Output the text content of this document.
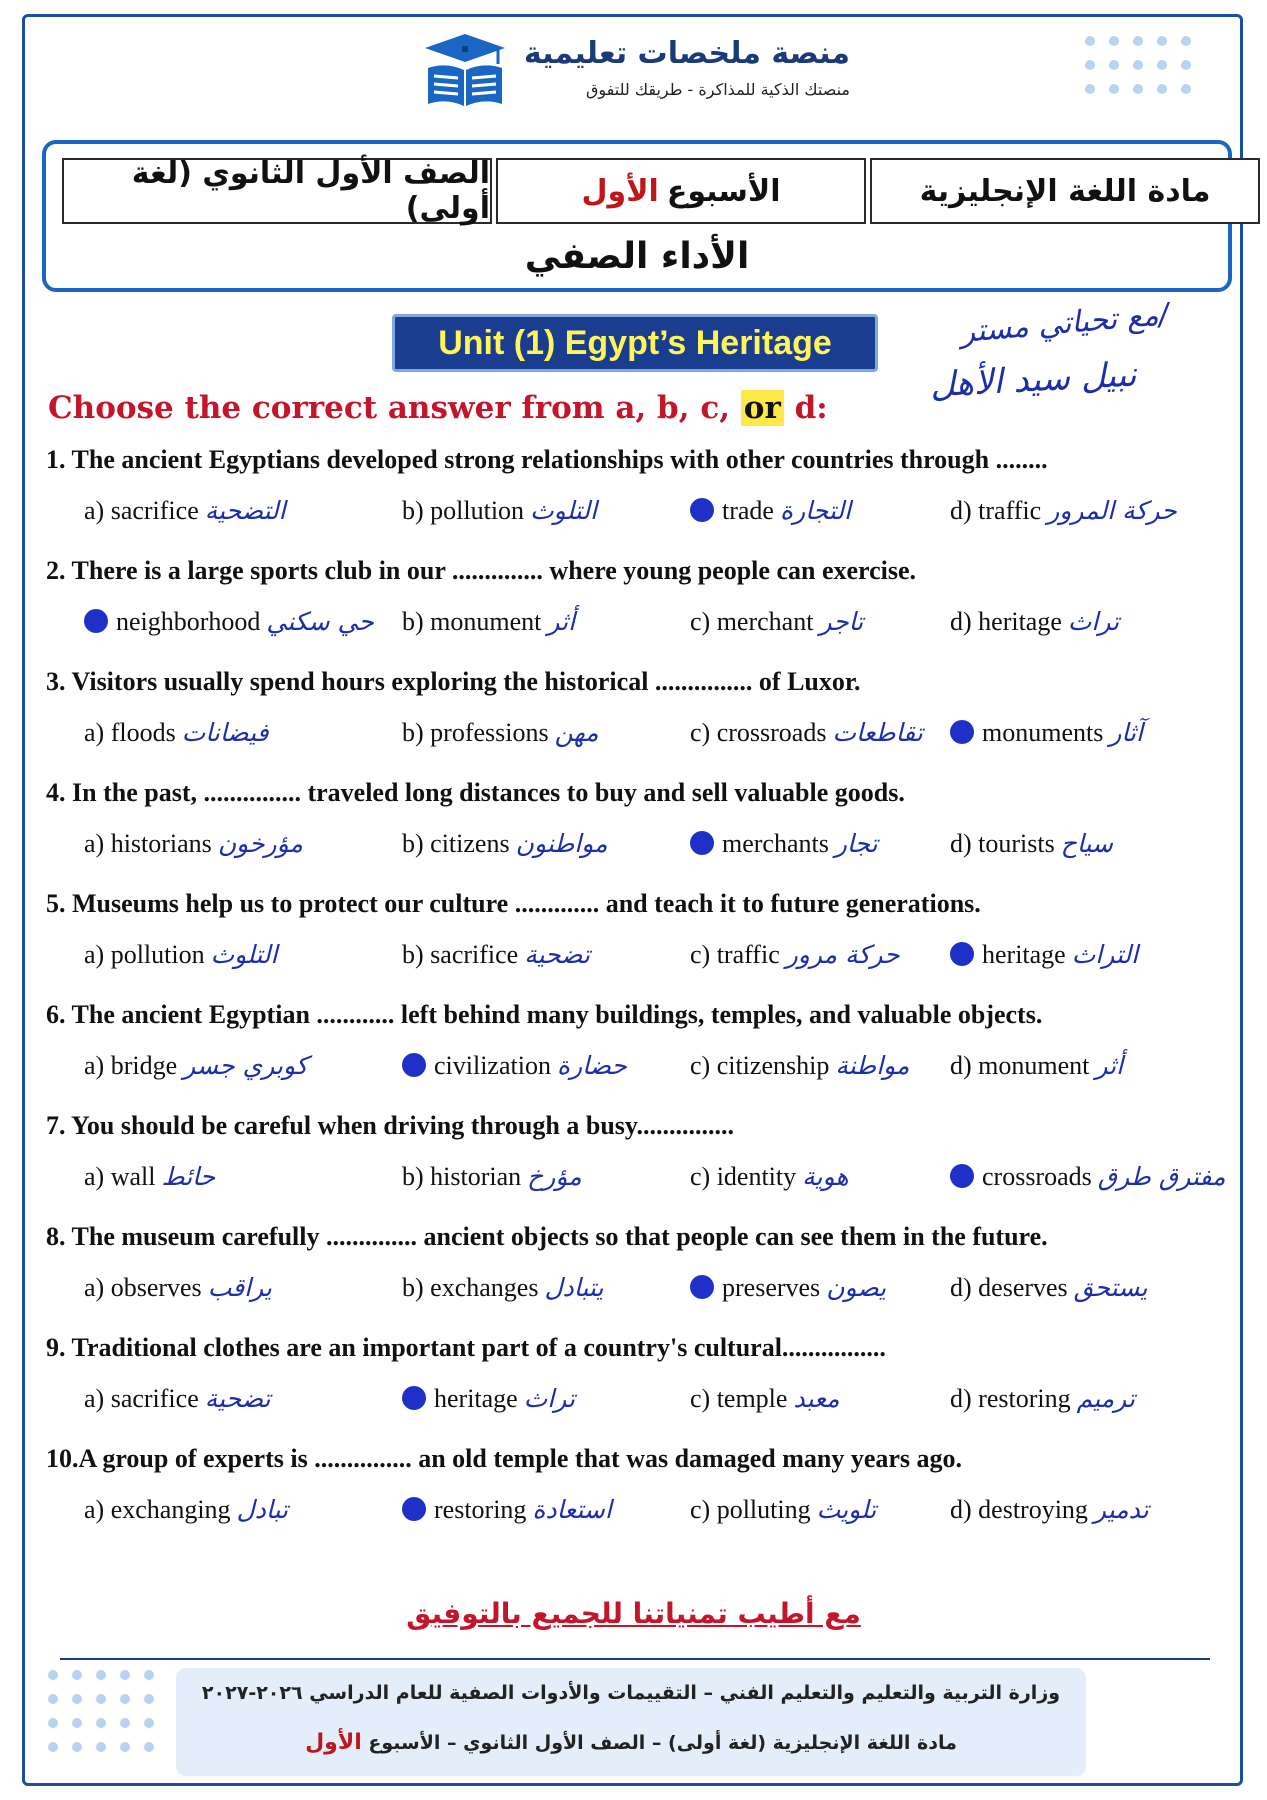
منصة ملخصات تعليمية
منصتك الذكية للمذاكرة - طريقك للتفوق
الصف الأول الثانوي (لغة أولى)	الأسبوع
الأول	مادة اللغة الإنجليزية
الأداء الصفي
Unit (1) Egypt’s Heritage	مع تحياتي مستر/
نبيل سيد الأهل
Choose the correct answer from a, b, c, or d:
1. The ancient Egyptians developed strong relationships with other countries through ........
a) sacrifice التضحية	b) pollution التلوث	trade التجارة	d) traffic حركة المرور
2. There is a large sports club in our .............. where young people can exercise.
neighborhood حي سكني b) monument أثر	c) merchant تاجر	d) heritage تراث
3. Visitors usually spend hours exploring the historical ............... of Luxor.
a) floods فيضانات	b) professions مهن	c) crossroads تقاطعات	monuments آثار
4. In the past, ............... traveled long distances to buy and sell valuable goods.
a) historians مؤرخون	b) citizens مواطنون	merchants تجار	d) tourists سياح
5. Museums help us to protect our culture ............. and teach it to future generations.
a) pollution التلوث	b) sacrifice تضحية	c) traffic حركة مرور	heritage التراث
6. The ancient Egyptian ............ left behind many buildings, temples, and valuable objects.
a) bridge كوبري جسر	civilization حضارة c) citizenship مواطنة d) monument أثر
7. You should be careful when driving through a busy...............
a) wall حائط	b) historian مؤرخ	c) identity هوية	crossroads مفترق طرق
8. The museum carefully .............. ancient objects so that people can see them in the future.
a) observes يراقب	b) exchanges يتبادل	preserves يصون d) deserves يستحق
9. Traditional clothes are an important part of a country's cultural................
a) sacrifice تضحية	heritage تراث	c) temple معبد	d) restoring ترميم
10.A group of experts is ............... an old temple that was damaged many years ago.
a) exchanging تبادل	restoring استعادة	c) polluting تلويث	d) destroying تدمير
مع أطيب تمنياتنا للجميع بالتوفيق
وزارة التربية والتعليم والتعليم الفني – التقييمات والأدوات الصفية للعام الدراسي ٢٠٢٦-٢٠٢٧
مادة اللغة الإنجليزية (لغة أولى) – الصف الأول الثانوي – الأسبوع الأول
